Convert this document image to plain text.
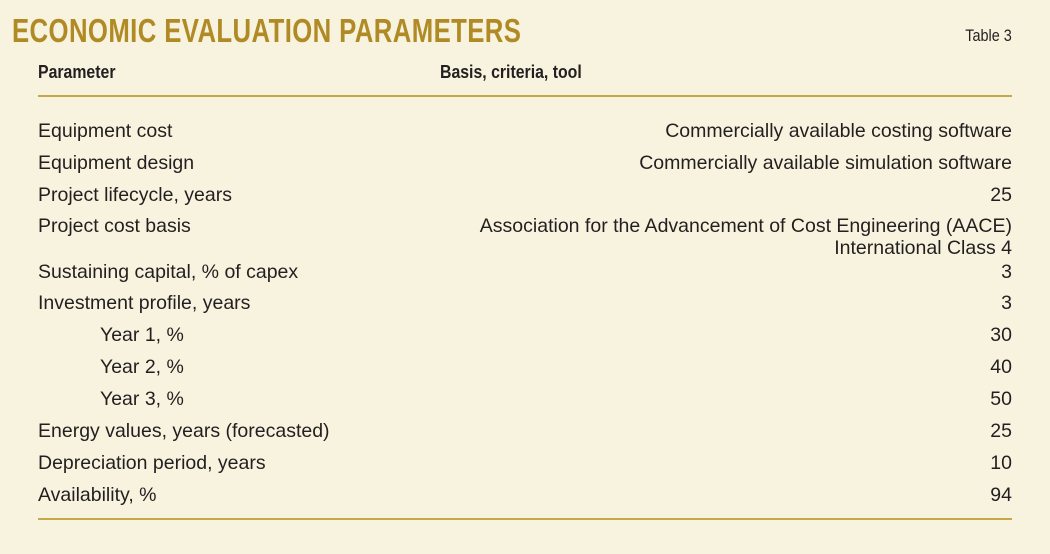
ECONOMIC EVALUATION PARAMETERS	Table 3
Parameter	Basis, criteria, tool
Equipment cost	Commercially available costing software
Equipment design	Commercially available simulation software
Project lifecycle, years	25
Project cost basis	Association for the Advancement of Cost Engineering (AACE)
International Class 4
Sustaining capital, % of capex	3
Investment profile, years	3
Year 1, %	30
Year 2, %	40
Year 3, %	50
Energy values, years (forecasted)	25
Depreciation period, years	10
Availability, %	94
